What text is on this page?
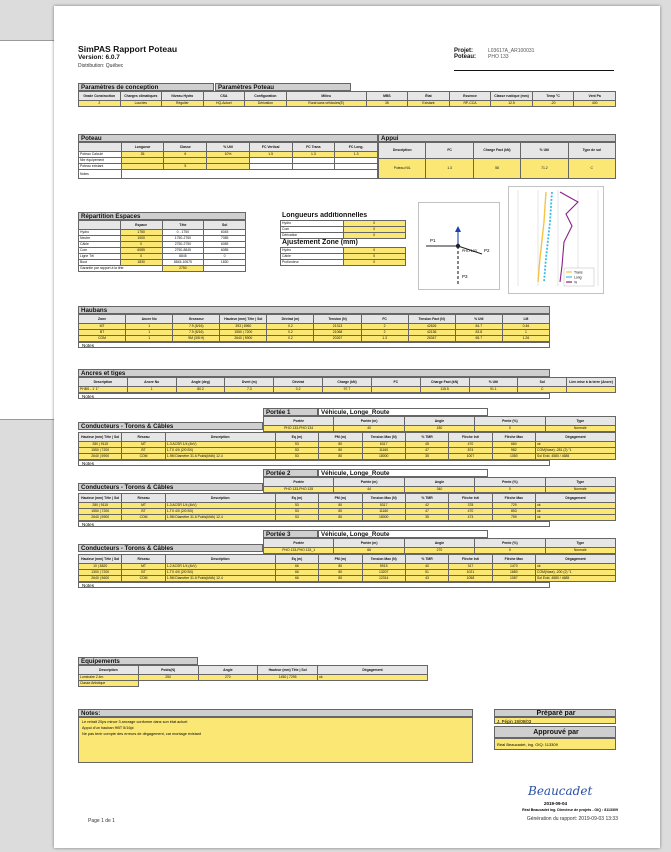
SimPAS Rapport Poteau
Version: 6.0.7
Distribution: Québec
Projet:	L03617A_AR100031
Poteau: PHO 133
Paramètres de conception	Paramètres Poteau
Grade Construction	Charges climatiques	Niveau Hydro	CSA	Configuration	Milieu	MBS	État	Essence	Classe rustique (mm)	Temp °C	Vent Pa
2	Lourdes	Régulier	HQ-Actuel	Dérivation	Rural sans véhicules(E)	35	Existant	RP-CCA	12.5	-20	400
Poteau	Appui
	Longueur	Classe	% Util	FC Vertical	FC Trans	FC Long.
Poteau Calculé	35	6	10%	1.5	1.3	1.3
Nbr équipement						
Poteau existant		5				
Notes						
Description	FC	Charge Fact (kN)	% Util	Type de sol
Poteau NIL	1.3	58	71.2	C
Répartition Espaces
	Espace	Tête	Sol
Hydro	1750	0 - 1750	6045
Neutre	1000	1750-2750	7085
Câble	0	2750-2750	6085
Com	6085	2750-8845	6085
Ligne Tél	0	8845	0
Bout	1830	8845-10675	1830
Garantie par rapport à la tête		2750	
Longueurs additionnelles
Hydro	0
Com	0
Dérivation	0
Ajustement Zone (mm)
Hydro	0
Câble	0
Profondeur	0
P1
P2
P3
PHO 133
Trans
Long
%
Haubans
Zone	Ancre No	Grosseur	Hauteur (mm) Tête | Sol	Dévirat (m)	Tension (N)	FC	Tension Fact (N)	% Util	LM
MT	1	7.9 (5/16)	393 | 6960	0.2	21313	2	42626	84.7	0.46
BT	1	7.9 (5/16)	1550 | 7200	0.2	21068	2	42136	83.8	1
COM	1	9M (3/8 H)	2640 | 5900	0.2	20267	1.3	26347	65.7	1.26
Notes
Ancres et tiges
Description	Ancre No	Angle (deg)	Dvert (m)	Dévirat	Charge (kN)	FC	Charge Fact (kN)	% Util	Sol	Lien mise à la terre (Ancre)
PHBS - 1' 1"	1	80.2	7.3	0.2	97.7		115.5	91.1	C	
Notes
Portée 1	Véhicule, Longe_Route
Conducteurs - Torons & Câbles
Portée	Portée (m)	Angle	Pente (%)	Type
PHO 133-PHO 134	40	180	0	Normale
Hauteur (mm) Tête | Sol	Réseau	Description	Eq (m)	PM (m)	Tension Max (N)	% TMR	Flèche Init	Flèche Max	Dégagement
280 | 9115	MT	1-3 ACSR 1/4 (4kV)	53	80	6317	45	470	660	ok
1550 | 7200	BT	1-TX 4/0 (2/0 BX)	53	80	11160	47	874	982	COM(Vase) -281 (2) "1
2640 | 5900	COM	1-9M Diamètre 31.6 Poids(kN/k) 12.4	53	80	18000	35	1007	1080	Sol Evid. 4580 / 4685
Notes
Portée 2	Véhicule, Longe_Route
Conducteurs - Torons & Câbles
Portée	Portée (m)	Angle	Pente (%)	Type
PHO 133-PHO 135	44	340	0	Normale
Hauteur (mm) Tête | Sol	Réseau	Description	Eq (m)	PM (m)	Tension Max (N)	% TMR	Flèche Init	Flèche Max	Dégagement
280 | 9115	MT	1-3 ACSR 1/4 (4kV)	53	80	5317	42	378	729	ok
1550 | 7200	BT	1-TX 4/0 (2/0 BX)	53	80	11160	47	470	853	ok
2640 | 5900	COM	1-9M Diamètre 31.6 Poids(kN/k) 12.4	53	80	18000	35	473	759	ok
Notes
Portée 3	Véhicule, Longe_Route
Conducteurs - Torons & Câbles
Portée	Portée (m)	Angle	Pente (%)	Type
PHO 133-PHO 133_1	66	270	0	Normale
Hauteur (mm) Tête | Sol	Réseau	Description	Eq (m)	PM (m)	Tension Max (N)	% TMR	Flèche Init	Flèche Max	Dégagement
10 | 8820	MT	1-2 ACSR 1/4 (4kV)	66	80	5915	40	317	1470	ok
1300 | 7200	BT	1-TX 4/0 (2/0 BX)	66	80	13207	51	1021	1680	COM(Vase) -200 (2) "1
2640 | 5600	COM	1-9M Diamètre 31.6 Poids(kN/k) 12.4	66	80	12314	43	1058	1087	Sol Evid. 4580 / 4685
Notes
Équipements
Description	Poids(N)	Angle	Hauteur (mm) Tête | Sol	Dégagement
Luminaire 2.4m	250	270	1450 | 7295	ok
Classe Artistique				
Notes:
Le retrait 20ps mince 3 ancrage conforme dans son état actuel
Appui d'un hauban HBT 5/16pi
Ne pas tenir compte des erreurs de dégagement, car montage existant
Préparé par
J. Pépin 19/09/03
Approuvé par
Réal Beaucadet, ing. OIQ: 113309
Beaucadet
2019-09-04
Réal Beaucadet ing. Directeur de projets - OIQ : 8113309
Page 1 de 1	Génération du rapport: 2019-09-03 13:33
